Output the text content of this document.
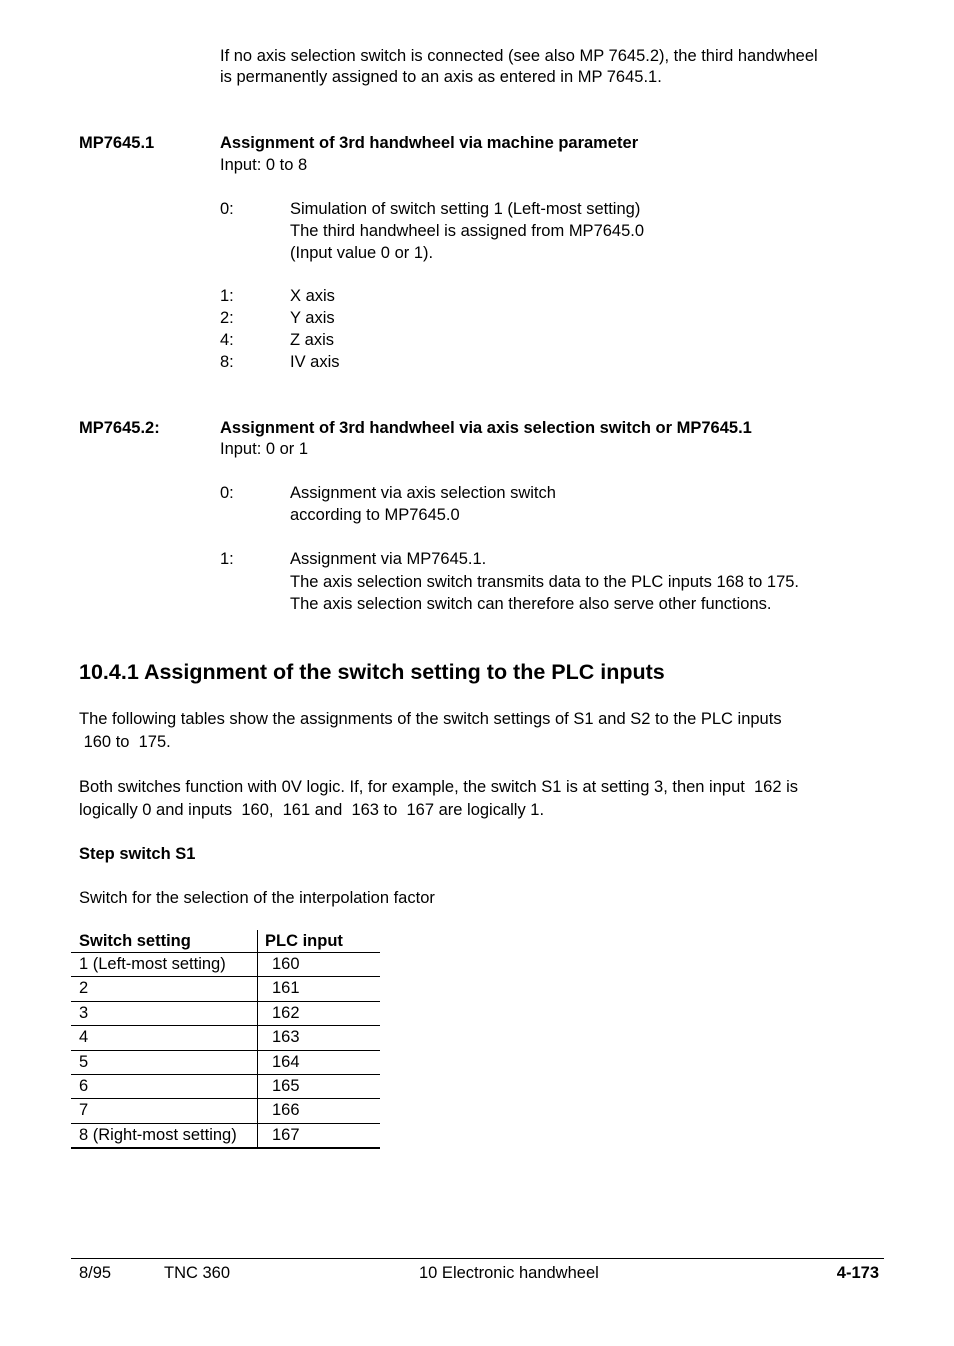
If no axis selection switch is connected (see also MP 7645.2), the third handwheel
is permanently assigned to an axis as entered in MP 7645.1.
MP7645.1	Assignment of 3rd handwheel via machine parameter
Input: 0 to 8
0:	Simulation of switch setting 1 (Left-most setting)
The third handwheel is assigned from MP7645.0
(Input value 0 or 1).
1:	X axis
2:	Y axis
4:	Z axis
8:	IV axis
MP7645.2:	Assignment of 3rd handwheel via axis selection switch or MP7645.1
Input: 0 or 1
0:	Assignment via axis selection switch
according to MP7645.0
1:	Assignment via MP7645.1.
The axis selection switch transmits data to the PLC inputs 168 to 175.
The axis selection switch can therefore also serve other functions.
10.4.1 Assignment of the switch setting to the PLC inputs
The following tables show the assignments of the switch settings of S1 and S2 to the PLC inputs
160 to  175.
Both switches function with 0V logic. If, for example, the switch S1 is at setting 3, then input  162 is
logically 0 and inputs  160,  161 and  163 to  167 are logically 1.
Step switch S1
Switch for the selection of the interpolation factor
Switch setting	PLC input
1 (Left-most setting)	160
2	161
3	162
4	163
5	164
6	165
7	166
8 (Right-most setting)	167
8/95	TNC 360	10 Electronic handwheel	4-173
